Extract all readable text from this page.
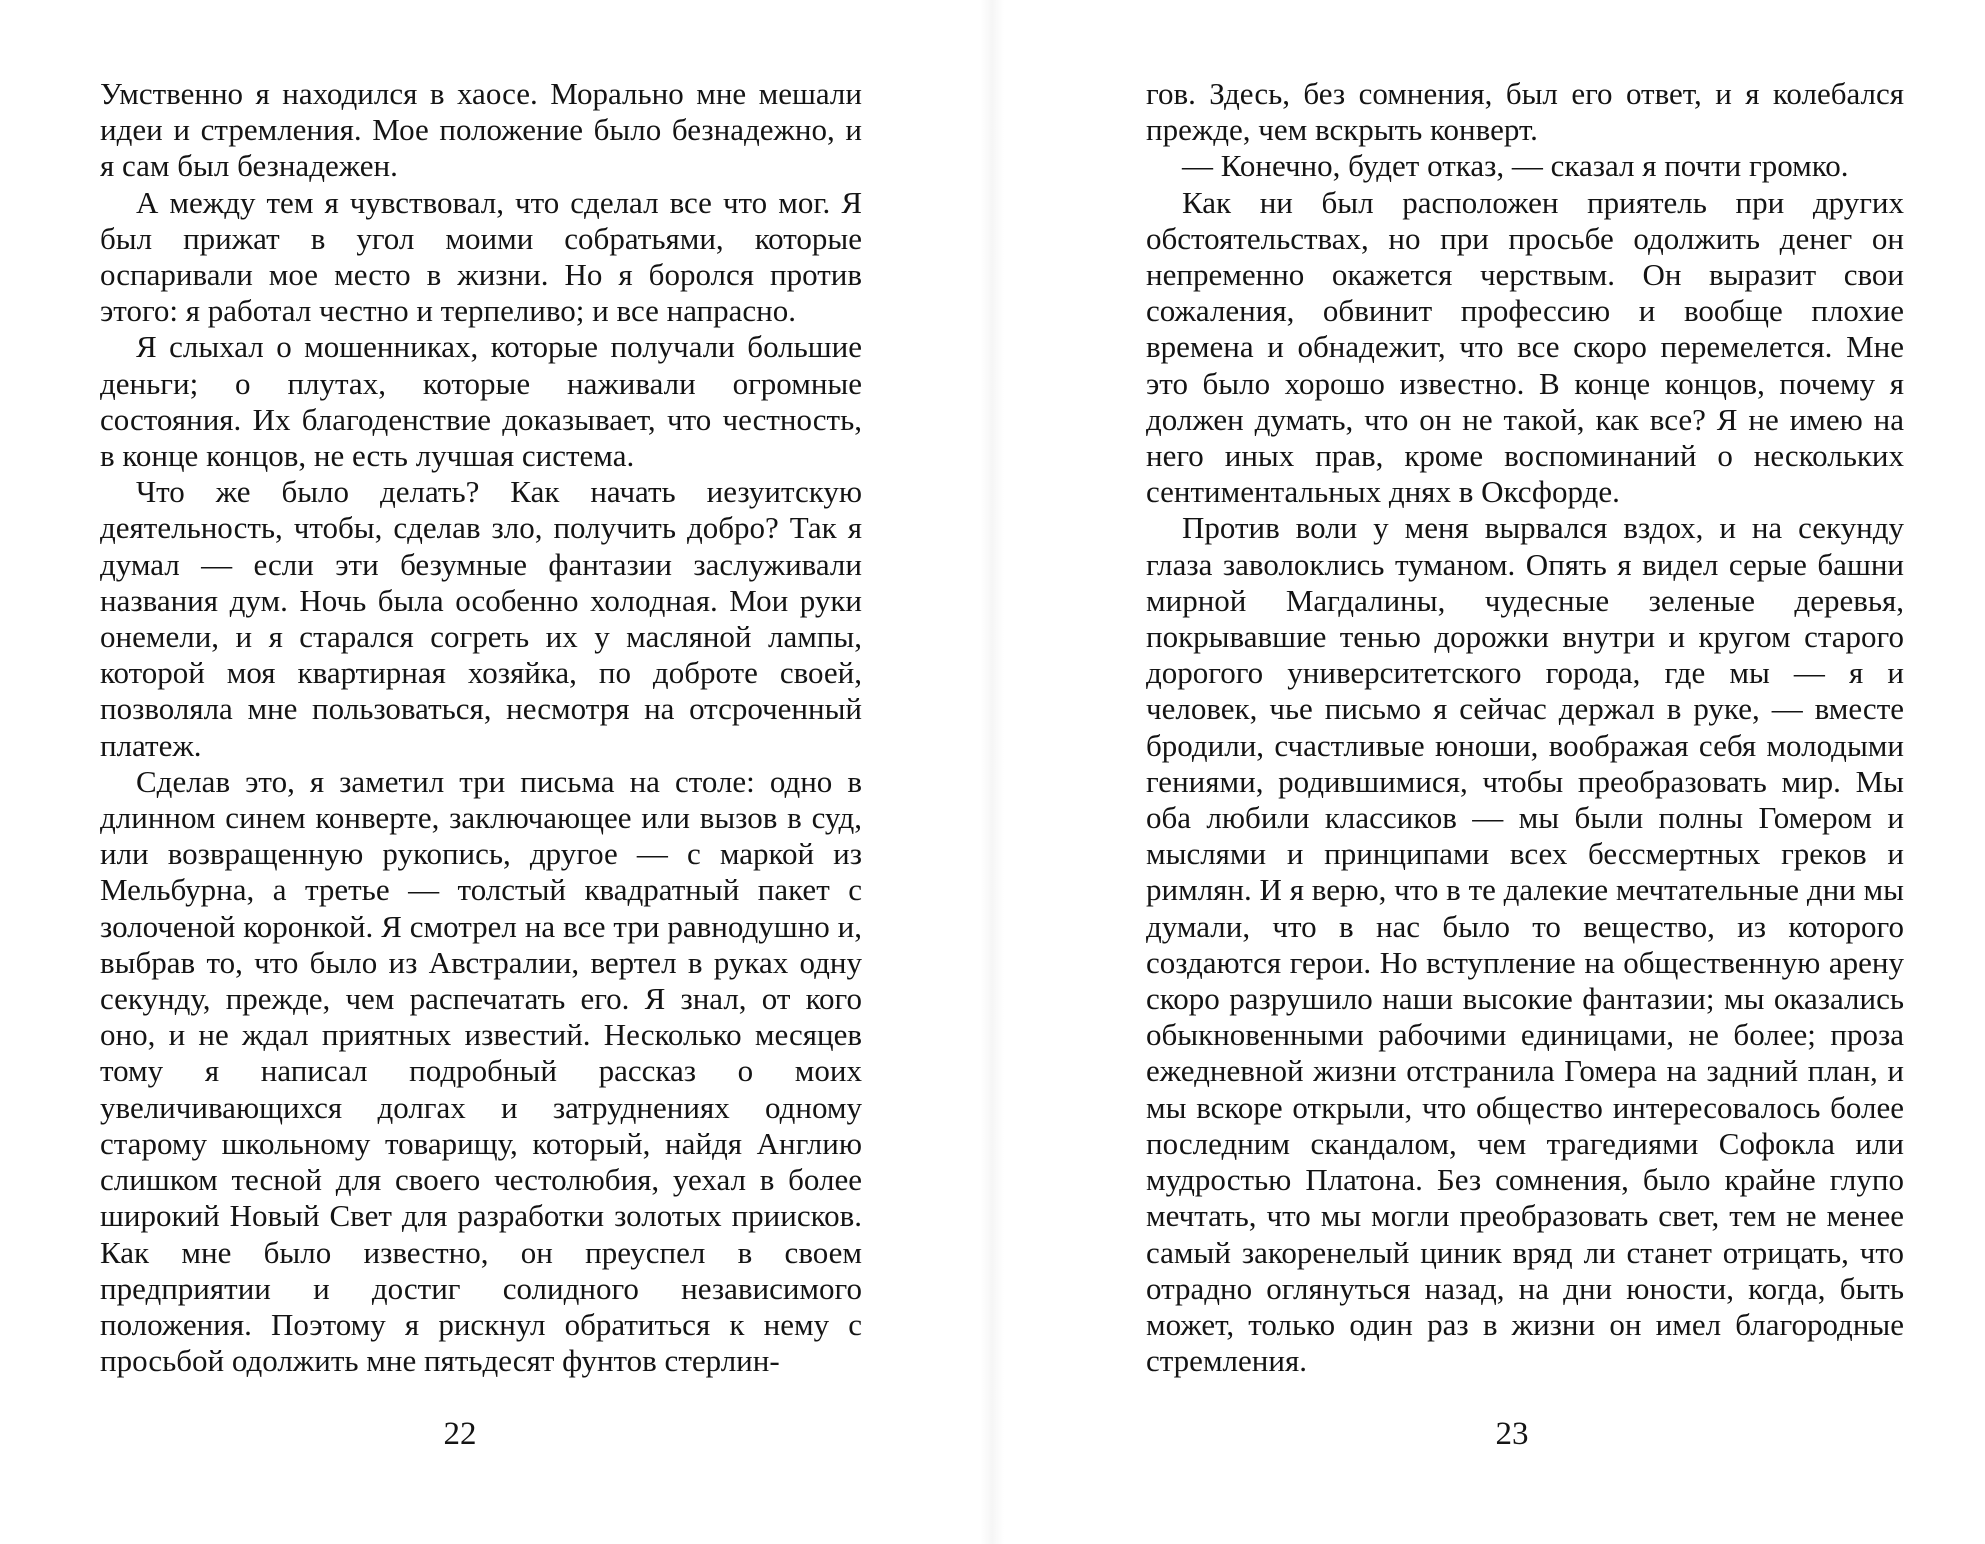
Умственно я находился в хаосе. Морально мне мешали идеи и стремления. Мое положение было безнадежно, и я сам был безнадежен.

А между тем я чувствовал, что сделал все что мог. Я был прижат в угол моими собратьями, которые оспаривали мое место в жизни. Но я боролся против этого: я работал честно и терпеливо; и все напрасно.

Я слыхал о мошенниках, которые получали большие деньги; о плутах, которые наживали огромные состояния. Их благоденствие доказывает, что честность, в конце концов, не есть лучшая система.

Что же было делать? Как начать иезуитскую деятельность, чтобы, сделав зло, получить добро? Так я думал — если эти безумные фантазии заслуживали названия дум. Ночь была особенно холодная. Мои руки онемели, и я старался согреть их у масляной лампы, которой моя квартирная хозяйка, по доброте своей, позволяла мне пользоваться, несмотря на отсроченный платеж.

Сделав это, я заметил три письма на столе: одно в длинном синем конверте, заключающее или вызов в суд, или возвращенную рукопись, другое — с маркой из Мельбурна, а третье — толстый квадратный пакет с золоченой коронкой. Я смотрел на все три равнодушно и, выбрав то, что было из Австралии, вертел в руках одну секунду, прежде, чем распечатать его. Я знал, от кого оно, и не ждал приятных известий. Несколько месяцев тому я написал подробный рассказ о моих увеличивающихся долгах и затруднениях одному старому школьному товарищу, который, найдя Англию слишком тесной для своего честолюбия, уехал в более широкий Новый Свет для разработки золотых приисков. Как мне было известно, он преуспел в своем предприятии и достиг солидного независимого положения. Поэтому я рискнул обратиться к нему с просьбой одолжить мне пятьдесят фунтов стерлин-

22

гов. Здесь, без сомнения, был его ответ, и я колебался прежде, чем вскрыть конверт.

— Конечно, будет отказ, — сказал я почти громко.

Как ни был расположен приятель при других обстоятельствах, но при просьбе одолжить денег он непременно окажется черствым. Он выразит свои сожаления, обвинит профессию и вообще плохие времена и обнадежит, что все скоро перемелется. Мне это было хорошо известно. В конце концов, почему я должен думать, что он не такой, как все? Я не имею на него иных прав, кроме воспоминаний о нескольких сентиментальных днях в Оксфорде.

Против воли у меня вырвался вздох, и на секунду глаза заволоклись туманом. Опять я видел серые башни мирной Магдалины, чудесные зеленые деревья, покрывавшие тенью дорожки внутри и кругом старого дорогого университетского города, где мы — я и человек, чье письмо я сейчас держал в руке, — вместе бродили, счастливые юноши, воображая себя молодыми гениями, родившимися, чтобы преобразовать мир. Мы оба любили классиков — мы были полны Гомером и мыслями и принципами всех бессмертных греков и римлян. И я верю, что в те далекие мечтательные дни мы думали, что в нас было то вещество, из которого создаются герои. Но вступление на общественную арену скоро разрушило наши высокие фантазии; мы оказались обыкновенными рабочими единицами, не более; проза ежедневной жизни отстранила Гомера на задний план, и мы вскоре открыли, что общество интересовалось более последним скандалом, чем трагедиями Софокла или мудростью Платона. Без сомнения, было крайне глупо мечтать, что мы могли преобразовать свет, тем не менее самый закоренелый циник вряд ли станет отрицать, что отрадно оглянуться назад, на дни юности, когда, быть может, только один раз в жизни он имел благородные стремления.

23
